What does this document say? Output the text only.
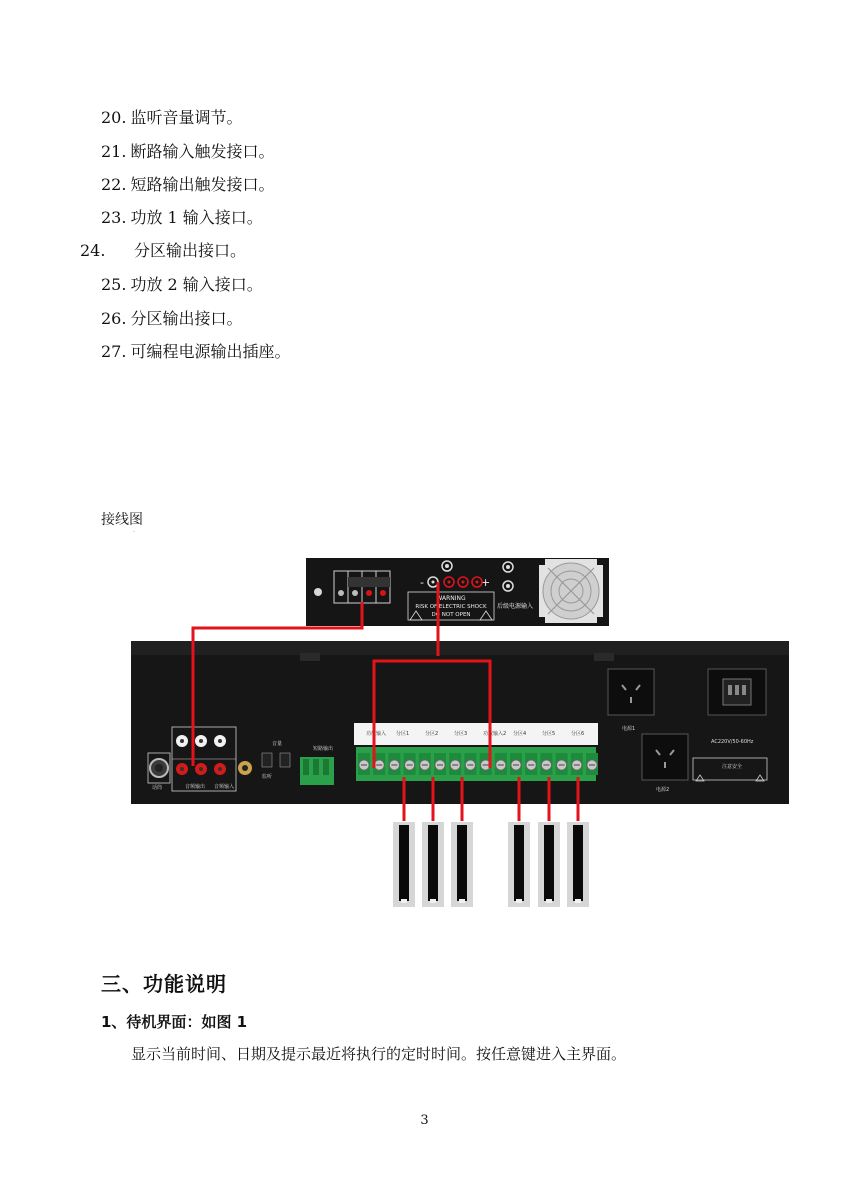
20. 监听音量调节。
21. 断路输入触发接口。
22. 短路输出触发接口。
23. 功放 1 输入接口。
24. 分区输出接口。
25. 功放 2 输入接口。
26. 分区输出接口。
27. 可编程电源输出插座。
接线图
·
-	+
WARNING
RISK OF ELECTRIC SHOCK
DO NOT OPEN
后级电源输入
音频输出 音频输入
话筒
音量
监听
短路输出
功放输入 分区1	分区2	分区3	功放输入2 分区4	分区5	分区6
电源1
电源2
AC220V/50-60Hz
注意安全
三、功能说明
1、待机界面：如图 1
显示当前时间、日期及提示最近将执行的定时时间。按任意键进入主界面。
3
